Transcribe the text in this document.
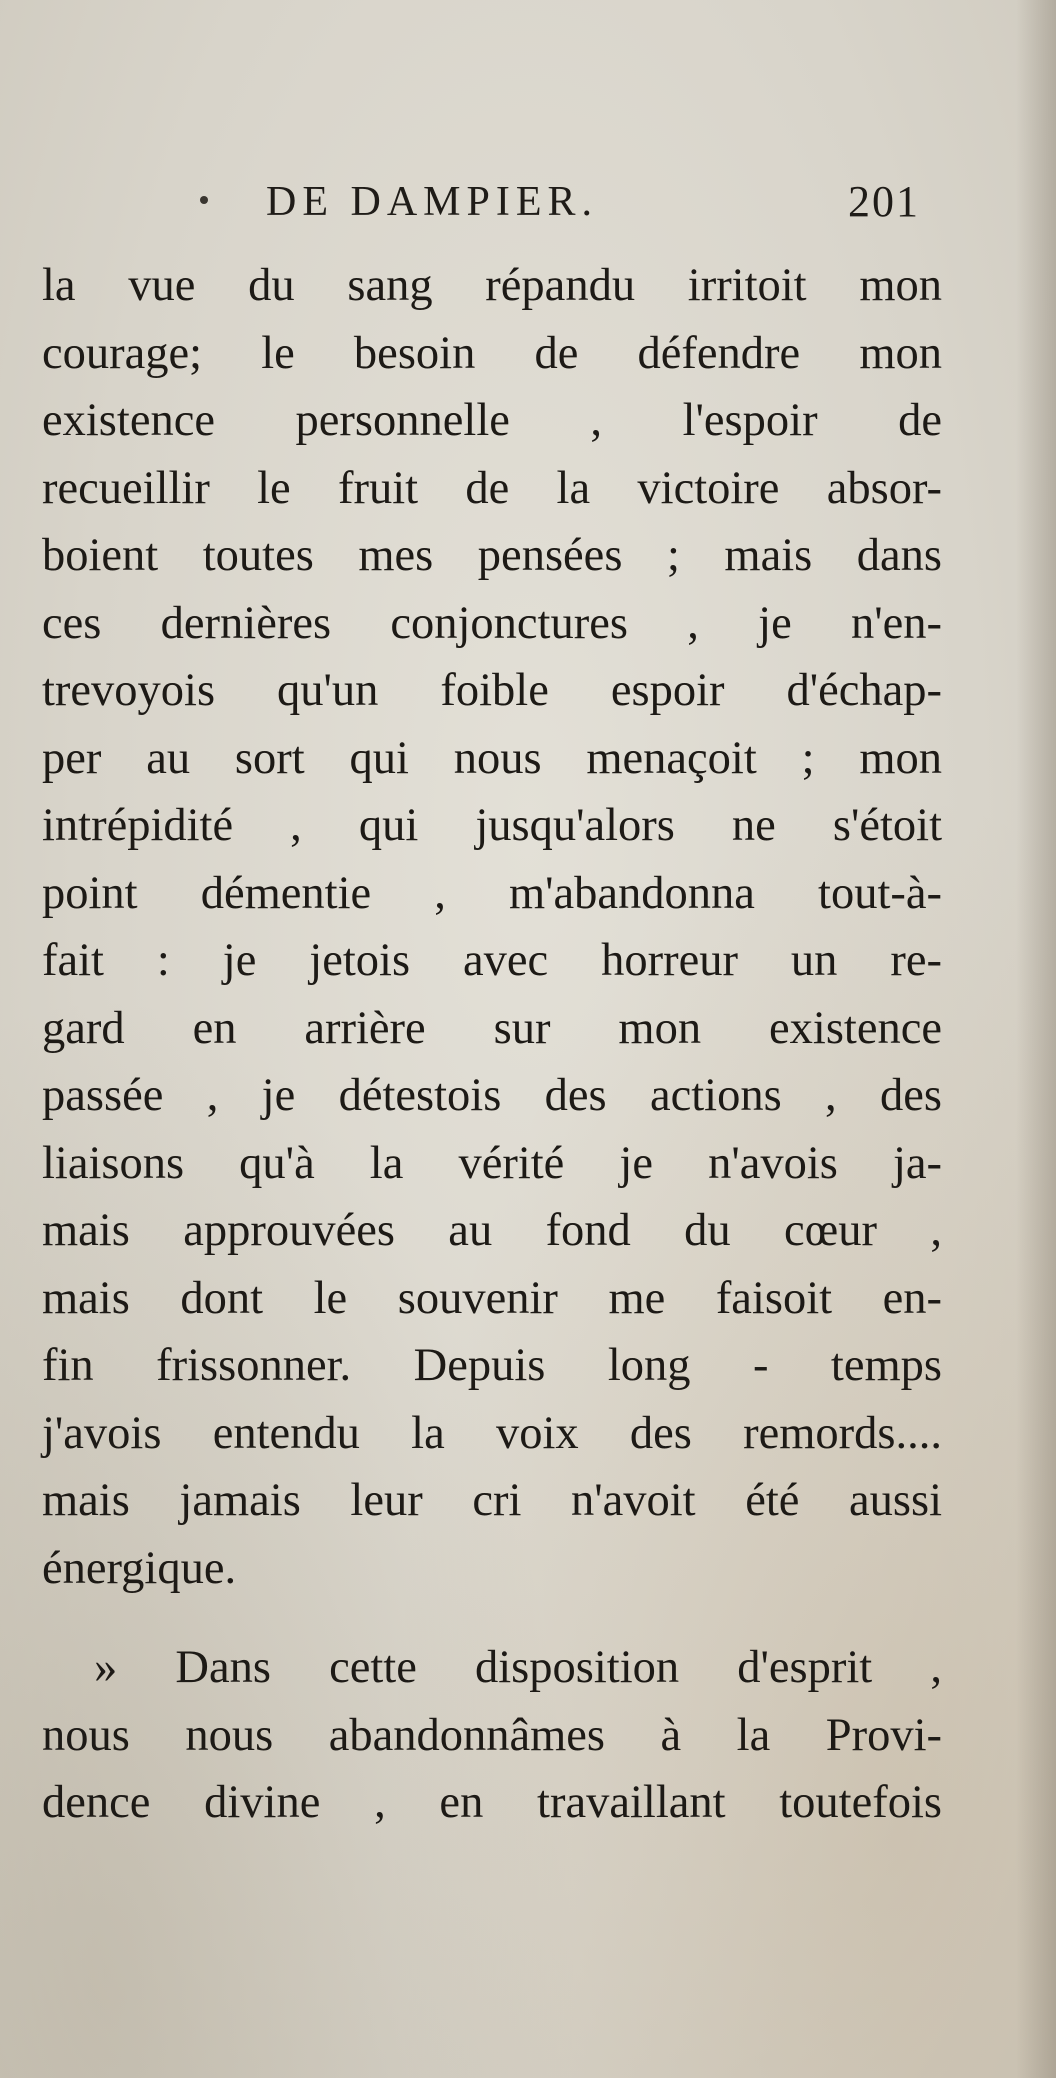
DE DAMPIER.	201
la vue du sang répandu irritoit mon
courage; le besoin de défendre mon
existence personnelle , l'espoir de
recueillir le fruit de la victoire absor-
boient toutes mes pensées ; mais dans
ces dernières conjonctures , je n'en-
trevoyois qu'un foible espoir d'échap-
per au sort qui nous menaçoit ; mon
intrépidité , qui jusqu'alors ne s'étoit
point démentie , m'abandonna tout-à-
fait : je jetois avec horreur un re-
gard en arrière sur mon existence
passée , je détestois des actions , des
liaisons qu'à la vérité je n'avois ja-
mais approuvées au fond du cœur ,
mais dont le souvenir me faisoit en-
fin frissonner. Depuis long - temps
j'avois entendu la voix des remords....
mais jamais leur cri n'avoit été aussi
énergique.
» Dans cette disposition d'esprit ,
nous nous abandonnâmes à la Provi-
dence divine , en travaillant toutefois
